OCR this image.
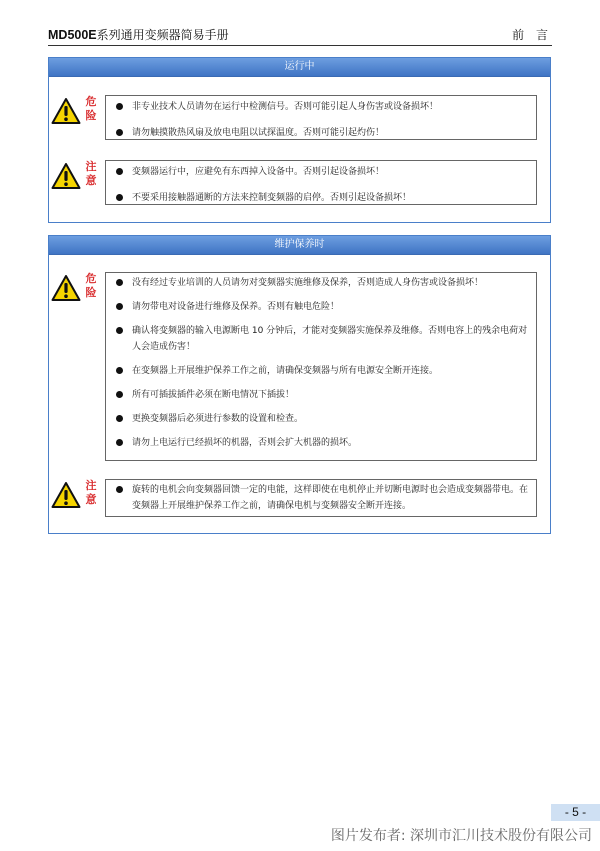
MD500E系列通用变频器简易手册	前 言
运行中
危险
非专业技术人员请勿在运行中检测信号。否则可能引起人身伤害或设备损坏！
请勿触摸散热风扇及放电电阻以试探温度。否则可能引起灼伤！
注意
变频器运行中，应避免有东西掉入设备中。否则引起设备损坏！
不要采用接触器通断的方法来控制变频器的启停。否则引起设备损坏！
维护保养时
危险
没有经过专业培训的人员请勿对变频器实施维修及保养，否则造成人身伤害或设备损坏！
请勿带电对设备进行维修及保养。否则有触电危险！
确认将变频器的输入电源断电 10 分钟后，才能对变频器实施保养及维修。否则电容上的残余电荷对人会造成伤害！
在变频器上开展维护保养工作之前，请确保变频器与所有电源安全断开连接。
所有可插拔插件必须在断电情况下插拔！
更换变频器后必须进行参数的设置和检查。
请勿上电运行已经损坏的机器，否则会扩大机器的损坏。
注意
旋转的电机会向变频器回馈一定的电能，这样即使在电机停止并切断电源时也会造成变频器带电。在变频器上开展维护保养工作之前，请确保电机与变频器安全断开连接。
- 5 -
图片发布者: 深圳市汇川技术股份有限公司
